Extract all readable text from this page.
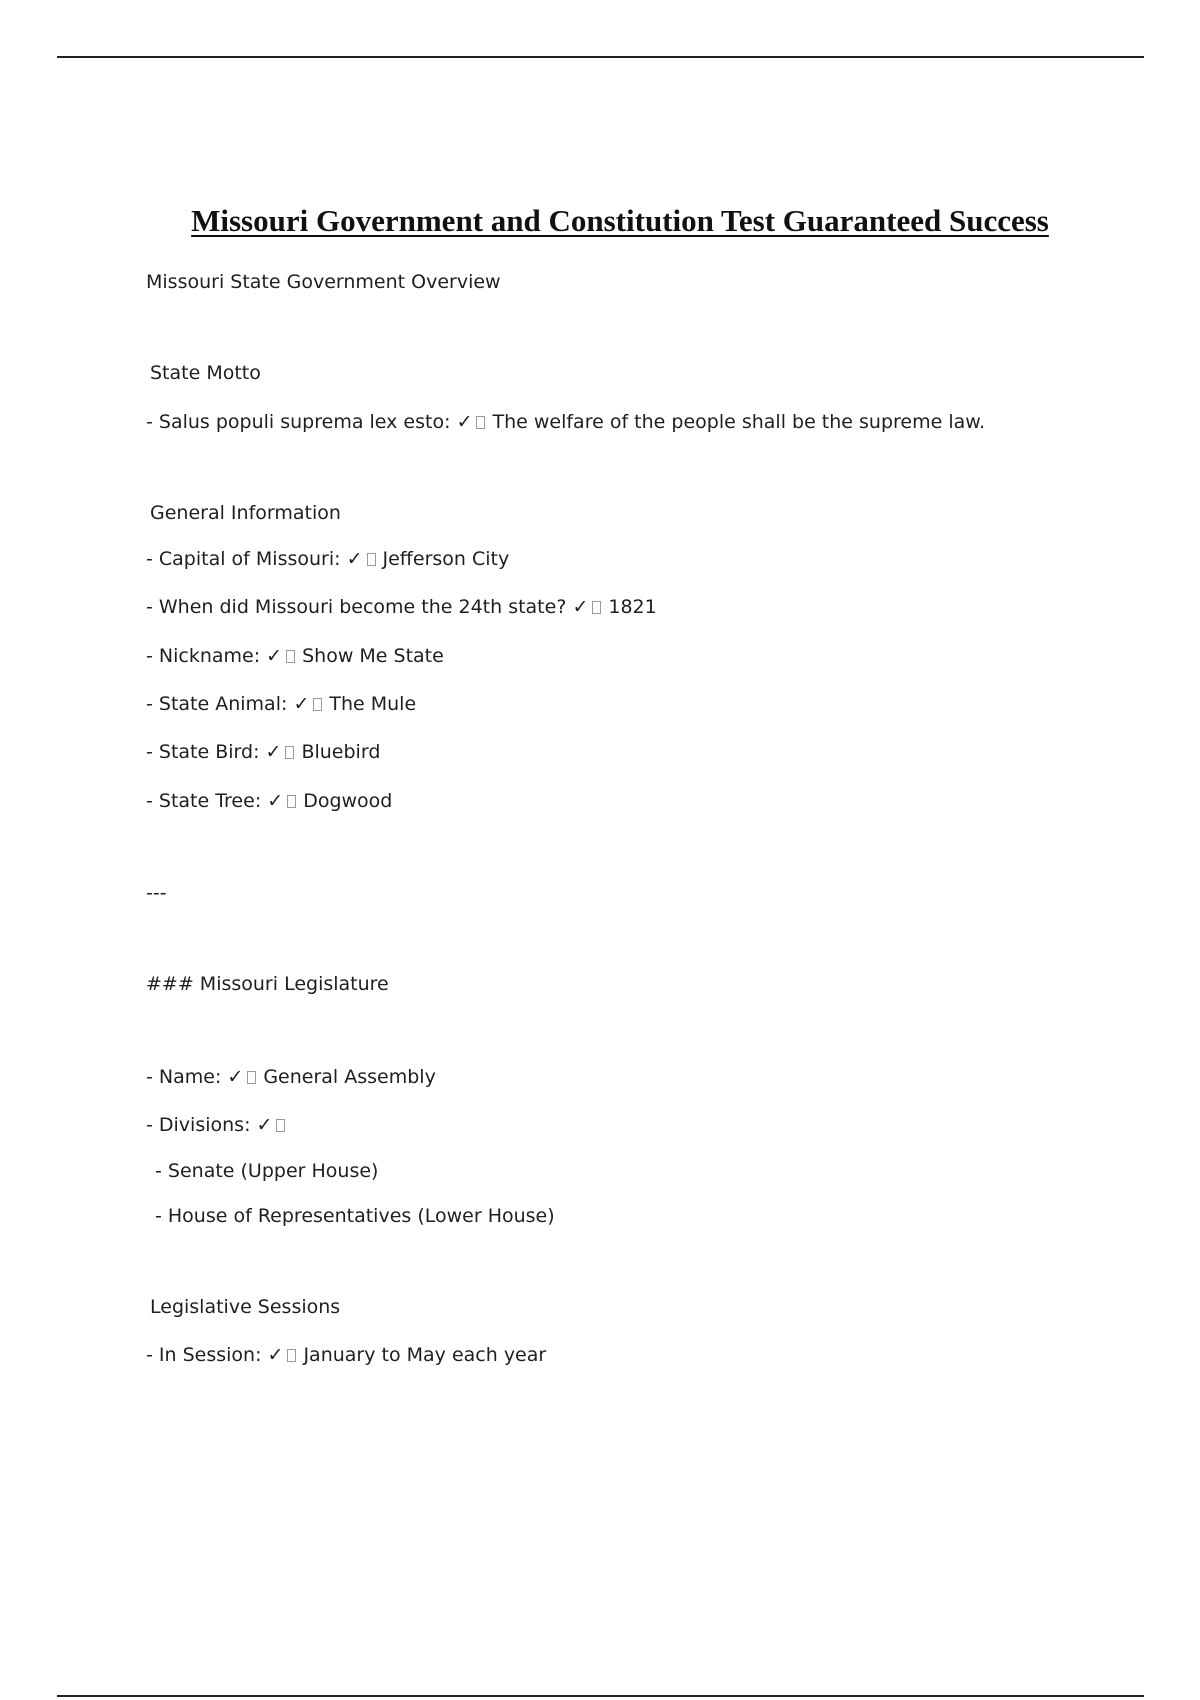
Missouri Government and Constitution Test Guaranteed Success
Missouri State Government Overview
State Motto
- Salus populi suprema lex esto: ✓ The welfare of the people shall be the supreme law.
General Information
- Capital of Missouri: ✓ Jefferson City
- When did Missouri become the 24th state? ✓ 1821
- Nickname: ✓ Show Me State
- State Animal: ✓ The Mule
- State Bird: ✓ Bluebird
- State Tree: ✓ Dogwood
---
### Missouri Legislature
- Name: ✓ General Assembly
- Divisions: ✓
- Senate (Upper House)
- House of Representatives (Lower House)
Legislative Sessions
- In Session: ✓ January to May each year
